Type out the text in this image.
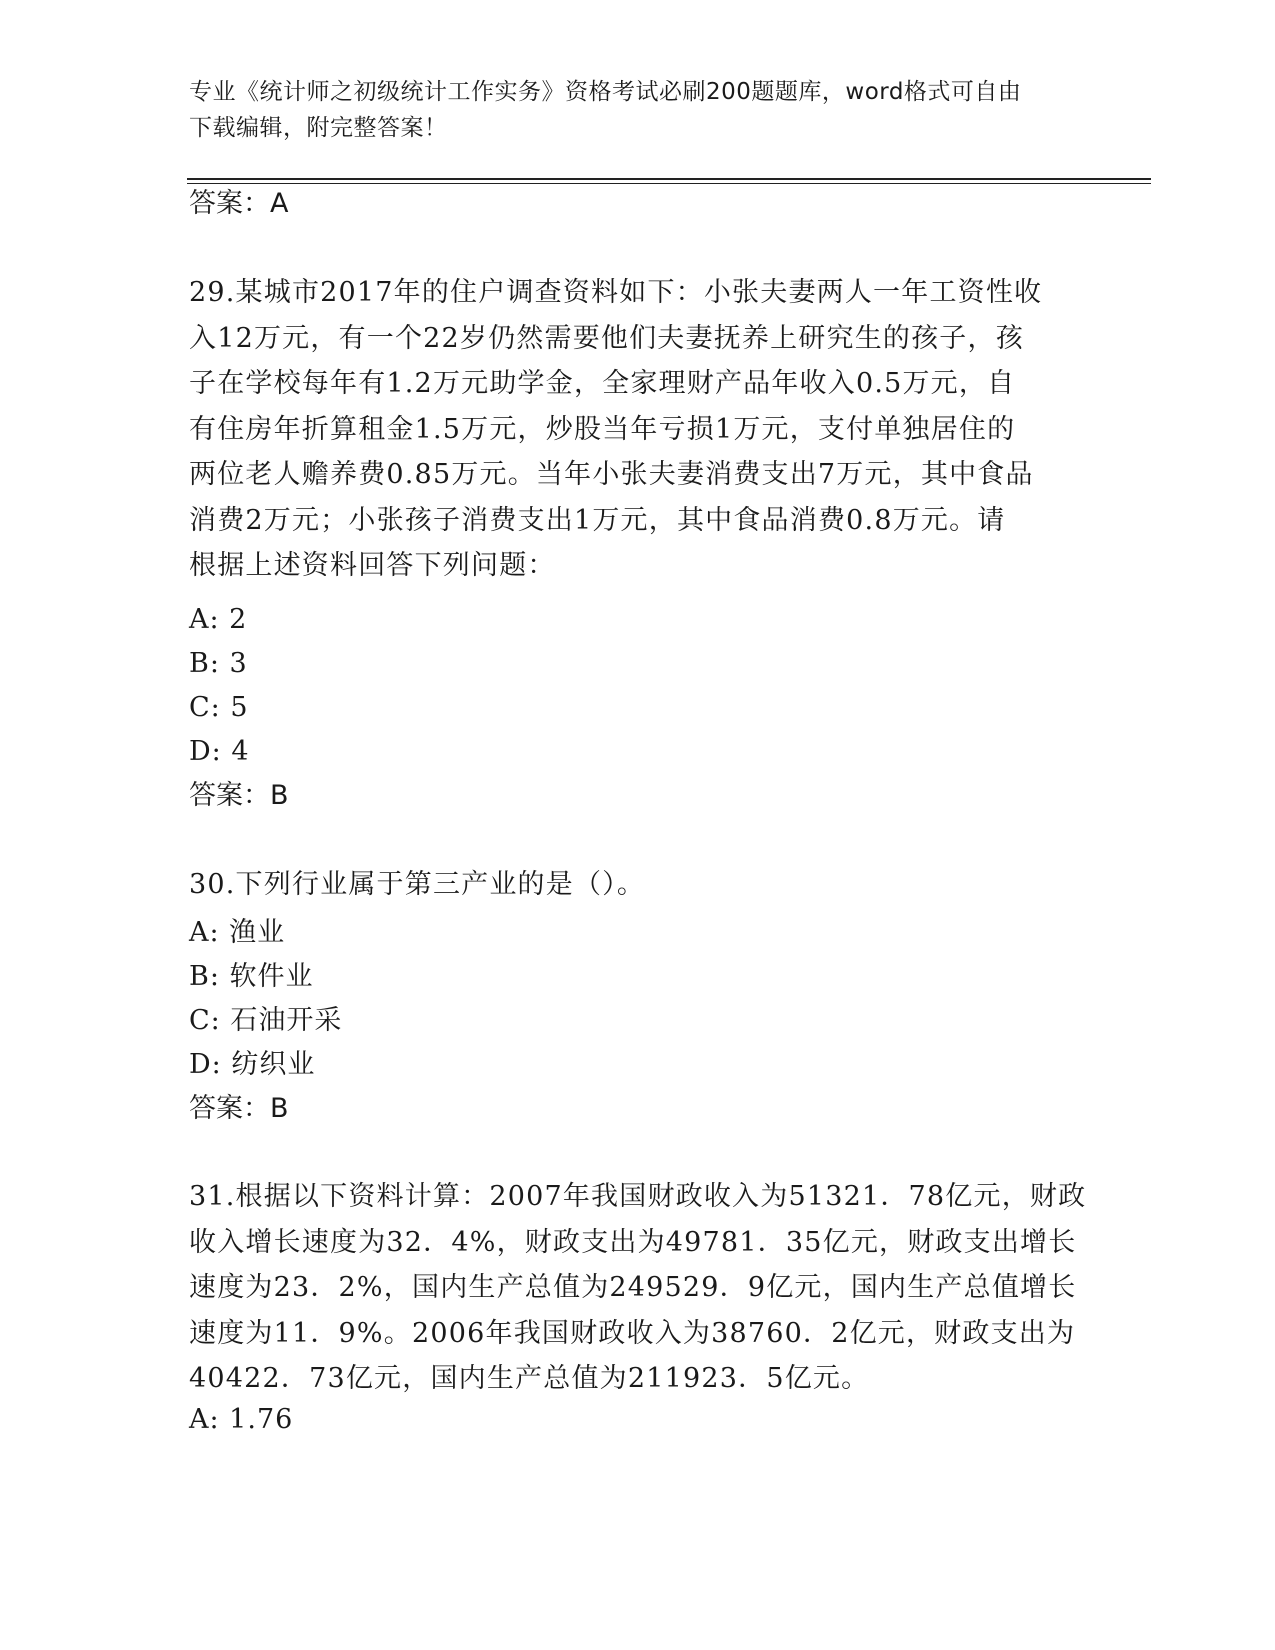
专业《统计师之初级统计工作实务》资格考试必刷200题题库，word格式可自由
下载编辑，附完整答案！
答案：A
29.某城市2017年的住户调查资料如下：小张夫妻两人一年工资性收
入12万元，有一个22岁仍然需要他们夫妻抚养上研究生的孩子，孩
子在学校每年有1.2万元助学金，全家理财产品年收入0.5万元，自
有住房年折算租金1.5万元，炒股当年亏损1万元，支付单独居住的
两位老人赡养费0.85万元。当年小张夫妻消费支出7万元，其中食品
消费2万元；小张孩子消费支出1万元，其中食品消费0.8万元。请
根据上述资料回答下列问题：
A: 2
B: 3
C: 5
D: 4
答案：B
30.下列行业属于第三产业的是（）。
A: 渔业
B: 软件业
C: 石油开采
D: 纺织业
答案：B
31.根据以下资料计算：2007年我国财政收入为51321．78亿元，财政
收入增长速度为32．4%，财政支出为49781．35亿元，财政支出增长
速度为23．2%，国内生产总值为249529．9亿元，国内生产总值增长
速度为11．9%。2006年我国财政收入为38760．2亿元，财政支出为
40422．73亿元，国内生产总值为211923．5亿元。
A: 1.76
